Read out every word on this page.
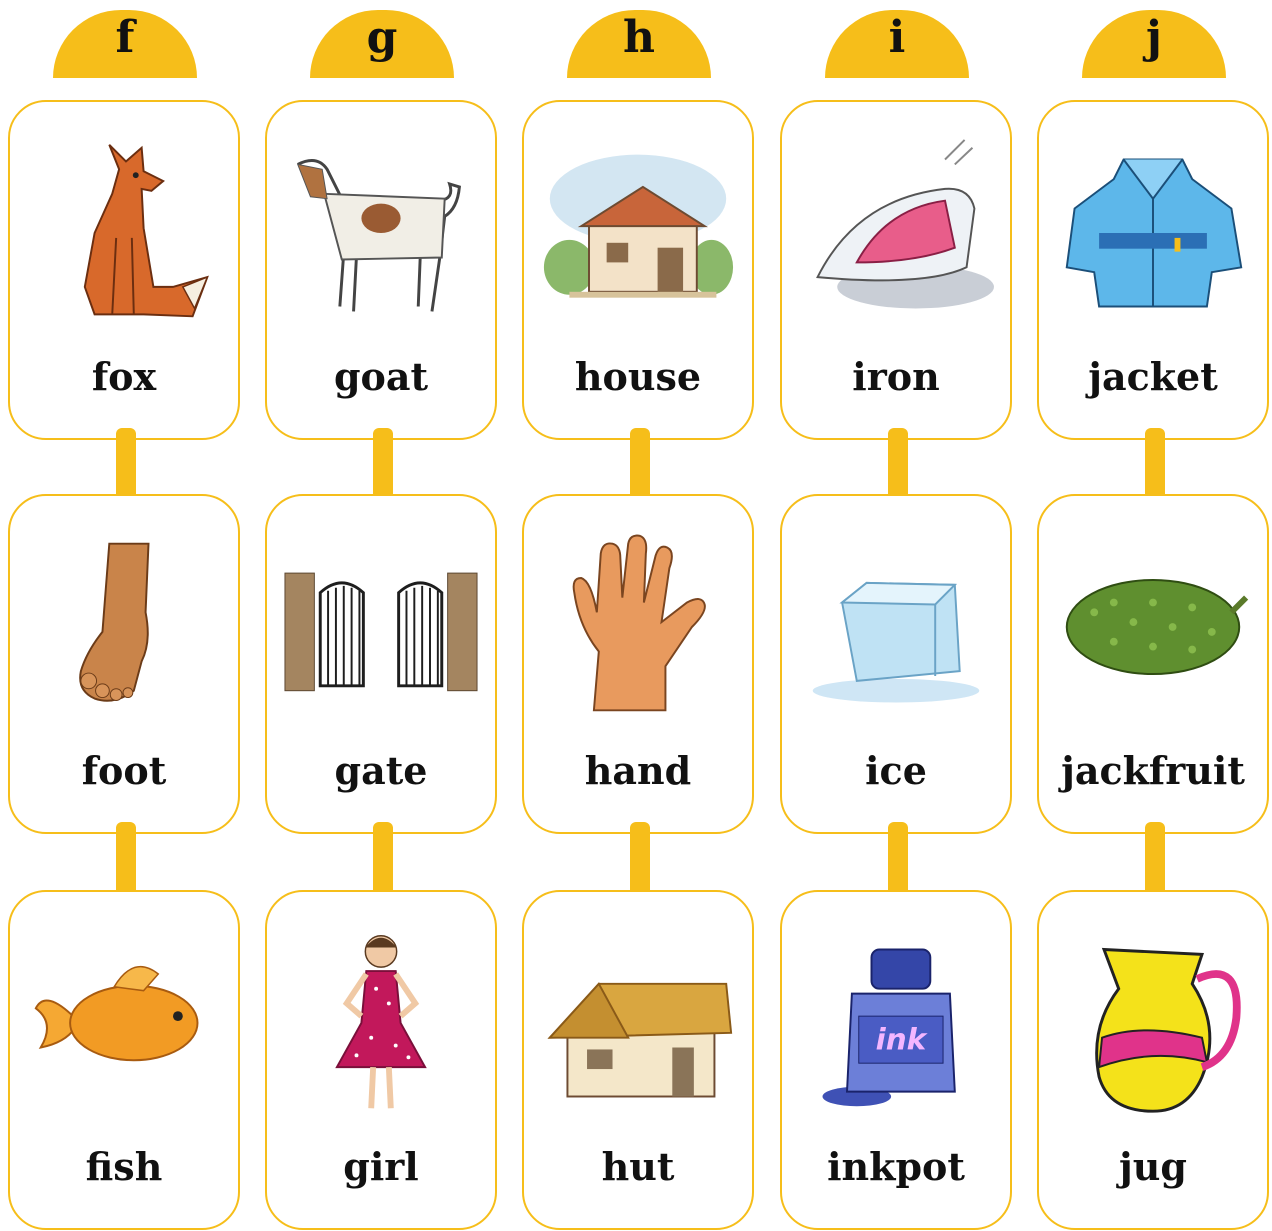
f
fox
foot
fish
g
goat
gate
girl
h
house
hand
hut
i
iron
ice
ink
inkpot
j
jacket
jackfruit
jug
